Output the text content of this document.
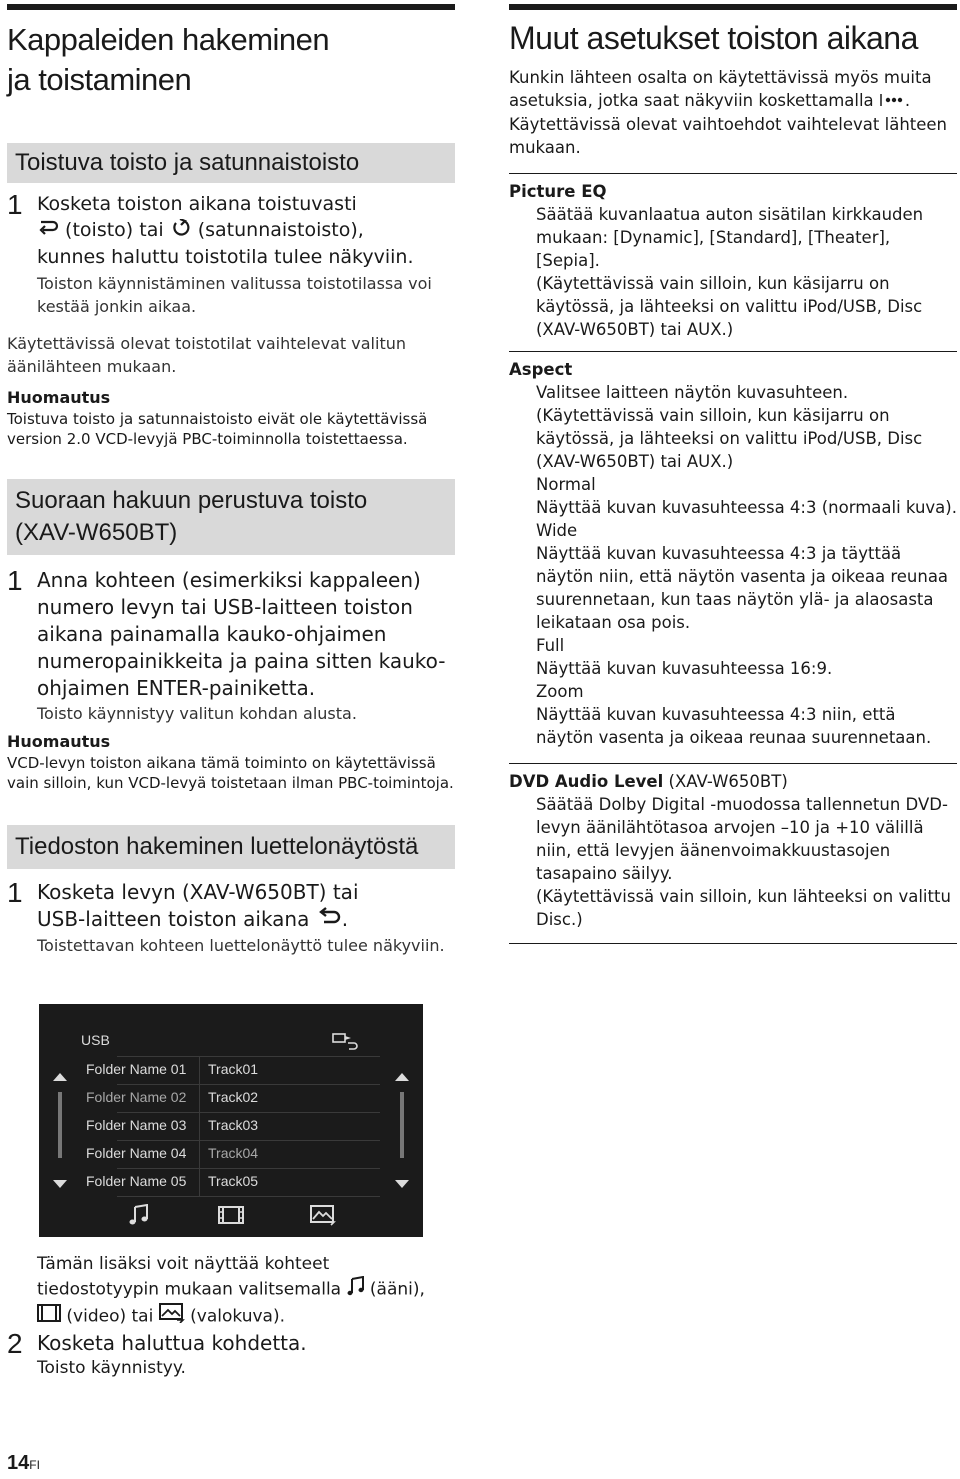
Kappaleiden hakeminen
ja toistaminen
Toistuva toisto ja satunnaistoisto
1 Kosketa toiston aikana toistuvasti
(toisto) tai (satunnaistoisto),
kunnes haluttu toistotila tulee näkyviin.
Toiston käynnistäminen valitussa toistotilassa voi kestää jonkin aikaa.
Käytettävissä olevat toistotilat vaihtelevat valitun äänilähteen mukaan.
Huomautus
Toistuva toisto ja satunnaistoisto eivät ole käytettävissä version 2.0 VCD-levyjä PBC-toiminnolla toistettaessa.
Suoraan hakuun perustuva toisto
(XAV-W650BT)
1 Anna kohteen (esimerkiksi kappaleen) numero levyn tai USB-laitteen toiston aikana painamalla kauko-ohjaimen numeropainikkeita ja paina sitten kauko-ohjaimen ENTER-painiketta.
Toisto käynnistyy valitun kohdan alusta.
Huomautus
VCD-levyn toiston aikana tämä toiminto on käytettävissä vain silloin, kun VCD-levyä toistetaan ilman PBC-toimintoja.
Tiedoston hakeminen luettelonäytöstä
1 Kosketa levyn (XAV-W650BT) tai
USB-laitteen toiston aikana .
Toistettavan kohteen luettelonäyttö tulee näkyviin.
USB
Folder Name 01
Folder Name 02
Folder Name 03
Folder Name 04
Folder Name 05
Track01
Track02
Track03
Track04
Track05
Tämän lisäksi voit näyttää kohteet
tiedostotyypin mukaan valitsemalla (ääni),
(video) tai (valokuva).
2 Kosketa haluttua kohdetta.
Toisto käynnistyy.
Muut asetukset toiston aikana
Kunkin lähteen osalta on käytettävissä myös muita asetuksia, jotka saat näkyviin koskettamalla . Käytettävissä olevat vaihtoehdot vaihtelevat lähteen mukaan.
Picture EQ
Säätää kuvanlaatua auton sisätilan kirkkauden mukaan: [Dynamic], [Standard], [Theater], [Sepia].
(Käytettävissä vain silloin, kun käsijarru on käytössä, ja lähteeksi on valittu iPod/USB, Disc (XAV-W650BT) tai AUX.)
Aspect
Valitsee laitteen näytön kuvasuhteen.
(Käytettävissä vain silloin, kun käsijarru on käytössä, ja lähteeksi on valittu iPod/USB, Disc (XAV-W650BT) tai AUX.)
Normal
Näyttää kuvan kuvasuhteessa 4:3 (normaali kuva).
Wide
Näyttää kuvan kuvasuhteessa 4:3 ja täyttää näytön niin, että näytön vasenta ja oikeaa reunaa suurennetaan, kun taas näytön ylä- ja alaosasta leikataan osa pois.
Full
Näyttää kuvan kuvasuhteessa 16:9.
Zoom
Näyttää kuvan kuvasuhteessa 4:3 niin, että näytön vasenta ja oikeaa reunaa suurennetaan.
DVD Audio Level (XAV-W650BT)
Säätää Dolby Digital -muodossa tallennetun DVD-levyn äänilähtötasoa arvojen –10 ja +10 välillä niin, että levyjen äänenvoimakkuustasojen tasapaino säilyy.
(Käytettävissä vain silloin, kun lähteeksi on valittu Disc.)
14FI
